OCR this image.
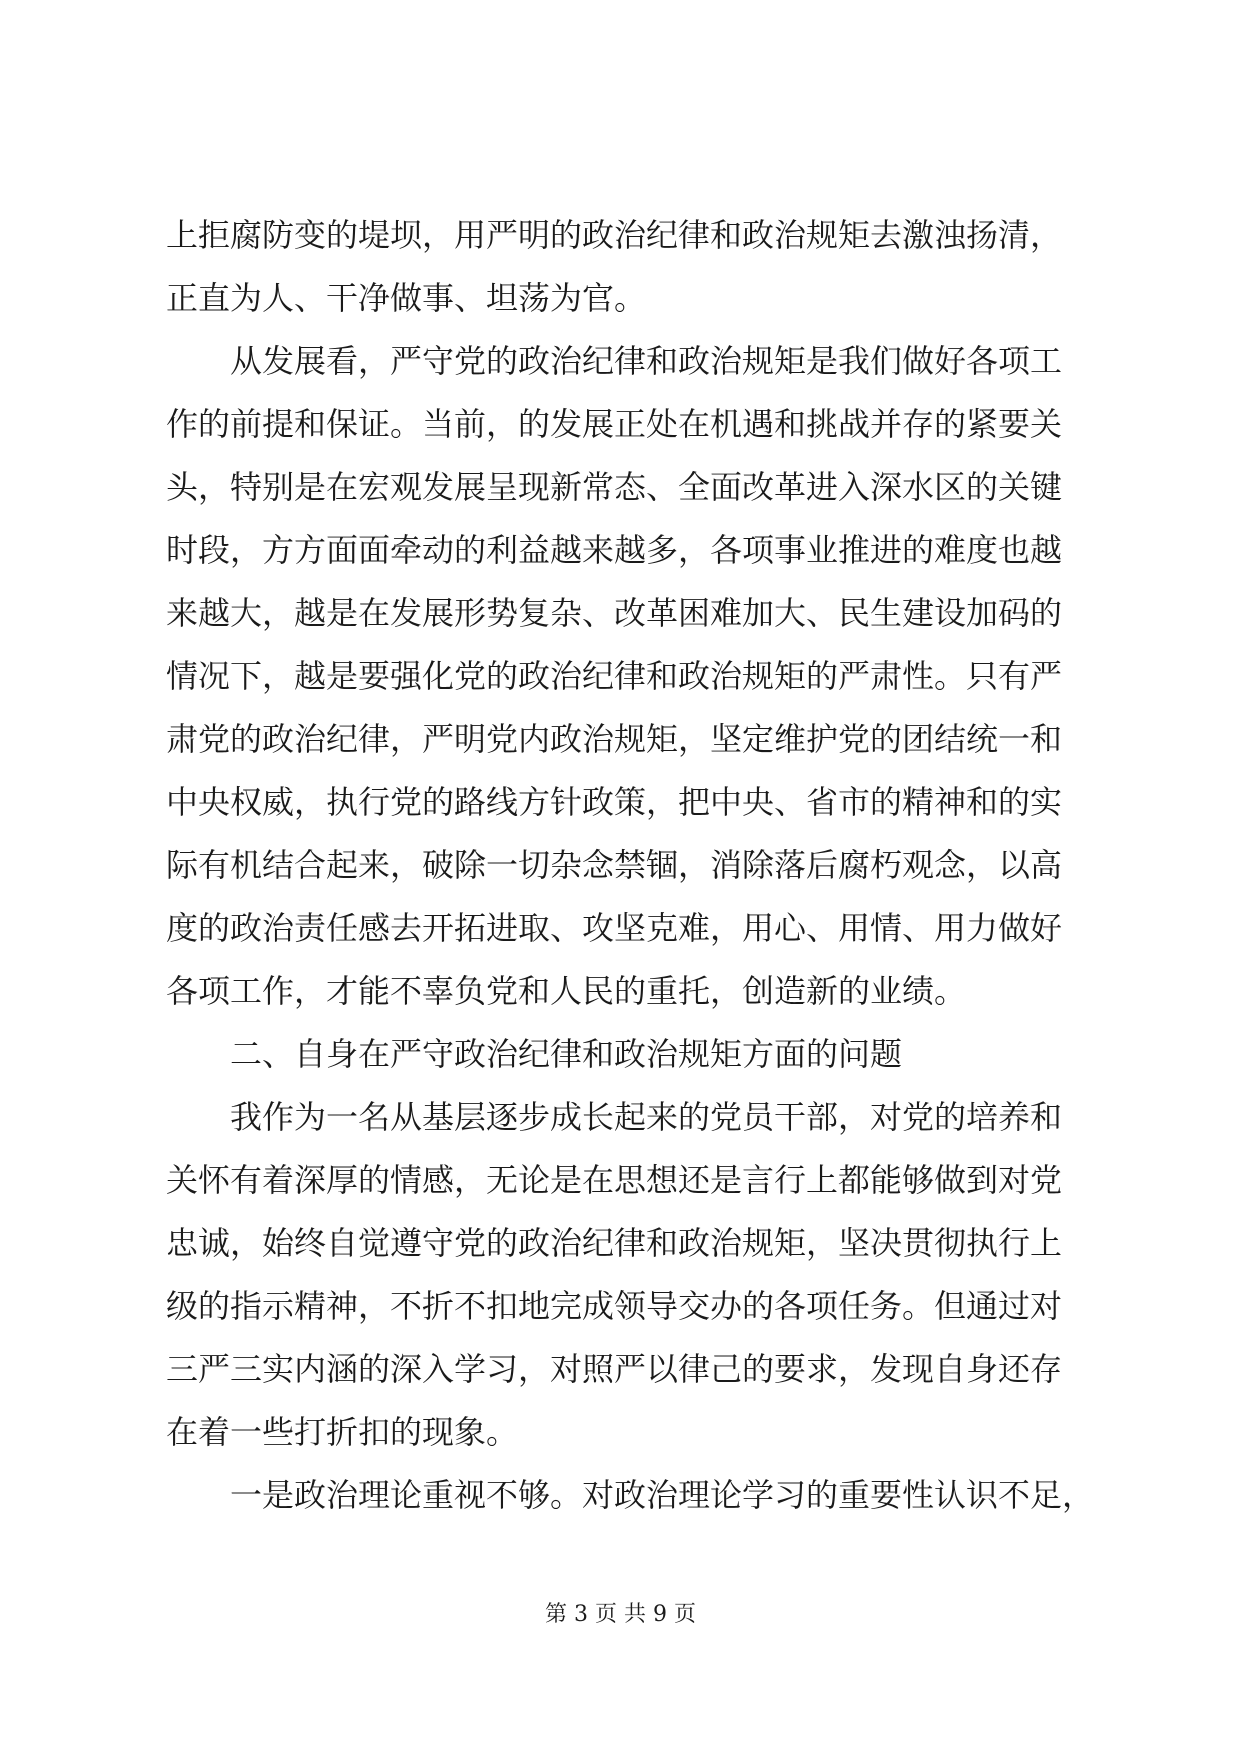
上拒腐防变的堤坝，用严明的政治纪律和政治规矩去激浊扬清，
正直为人、干净做事、坦荡为官。
从发展看，严守党的政治纪律和政治规矩是我们做好各项工
作的前提和保证。当前，的发展正处在机遇和挑战并存的紧要关
头，特别是在宏观发展呈现新常态、全面改革进入深水区的关键
时段，方方面面牵动的利益越来越多，各项事业推进的难度也越
来越大，越是在发展形势复杂、改革困难加大、民生建设加码的
情况下，越是要强化党的政治纪律和政治规矩的严肃性。只有严
肃党的政治纪律，严明党内政治规矩，坚定维护党的团结统一和
中央权威，执行党的路线方针政策，把中央、省市的精神和的实
际有机结合起来，破除一切杂念禁锢，消除落后腐朽观念，以高
度的政治责任感去开拓进取、攻坚克难，用心、用情、用力做好
各项工作，才能不辜负党和人民的重托，创造新的业绩。
二、自身在严守政治纪律和政治规矩方面的问题
我作为一名从基层逐步成长起来的党员干部，对党的培养和
关怀有着深厚的情感，无论是在思想还是言行上都能够做到对党
忠诚，始终自觉遵守党的政治纪律和政治规矩，坚决贯彻执行上
级的指示精神，不折不扣地完成领导交办的各项任务。但通过对
三严三实内涵的深入学习，对照严以律己的要求，发现自身还存
在着一些打折扣的现象。
一是政治理论重视不够。对政治理论学习的重要性认识不足，
第 3 页 共 9 页
